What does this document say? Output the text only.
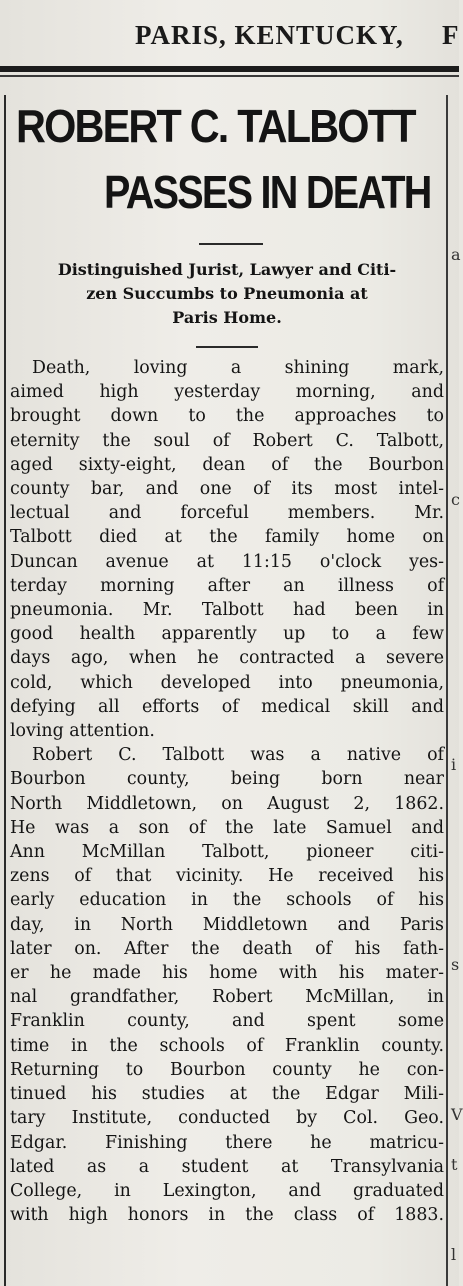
PARIS, KENTUCKY, F
a
c
i
s
V
t
l
ROBERT C. TALBOTT
PASSES IN DEATH
Distinguished Jurist, Lawyer and Citi-
zen Succumbs to Pneumonia at
Paris Home.
Death, loving a shining mark,
aimed high yesterday morning, and
brought down to the approaches to
eternity the soul of Robert C. Talbott,
aged sixty-eight, dean of the Bourbon
county bar, and one of its most intel-
lectual and forceful members. Mr.
Talbott died at the family home on
Duncan avenue at 11:15 o'clock yes-
terday morning after an illness of
pneumonia. Mr. Talbott had been in
good health apparently up to a few
days ago, when he contracted a severe
cold, which developed into pneumonia,
defying all efforts of medical skill and
loving attention.
Robert C. Talbott was a native of
Bourbon county, being born near
North Middletown, on August 2, 1862.
He was a son of the late Samuel and
Ann McMillan Talbott, pioneer citi-
zens of that vicinity. He received his
early education in the schools of his
day, in North Middletown and Paris
later on. After the death of his fath-
er he made his home with his mater-
nal grandfather, Robert McMillan, in
Franklin county, and spent some
time in the schools of Franklin county.
Returning to Bourbon county he con-
tinued his studies at the Edgar Mili-
tary Institute, conducted by Col. Geo.
Edgar. Finishing there he matricu-
lated as a student at Transylvania
College, in Lexington, and graduated
with high honors in the class of 1883.
